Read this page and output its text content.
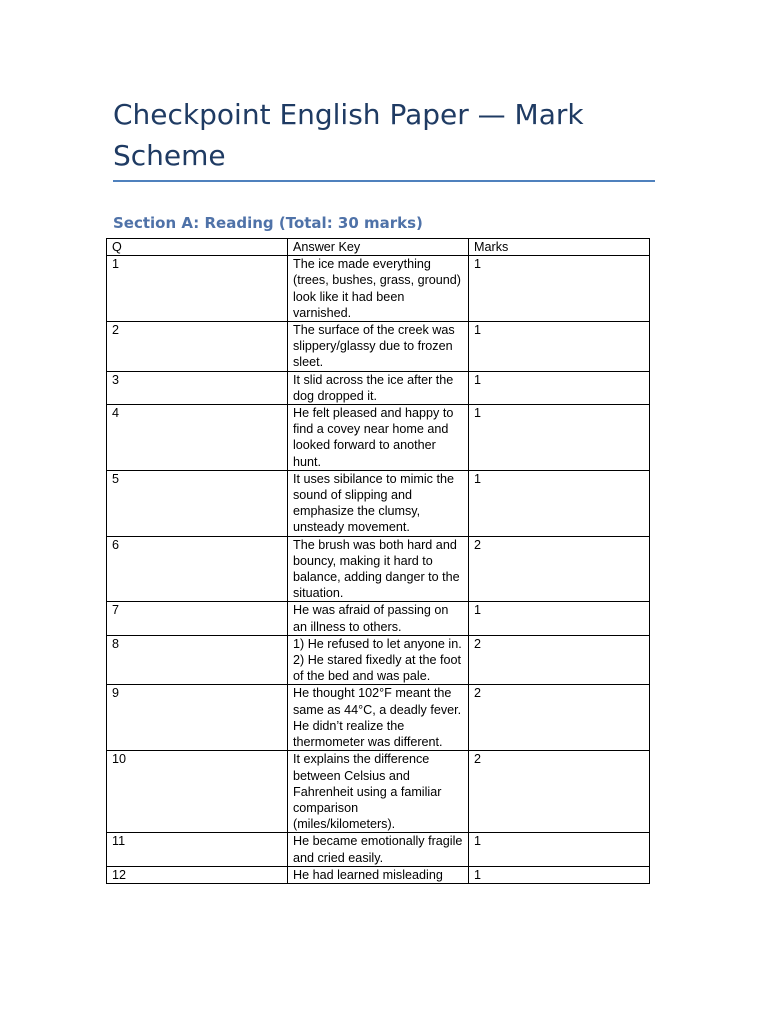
Checkpoint English Paper — Mark Scheme
Section A: Reading (Total: 30 marks)
Q	Answer Key	Marks
1	The ice made everything (trees, bushes, grass, ground) look like it had been varnished.	1
2	The surface of the creek was slippery/glassy due to frozen sleet.	1
3	It slid across the ice after the dog dropped it.	1
4	He felt pleased and happy to find a covey near home and looked forward to another hunt.	1
5	It uses sibilance to mimic the sound of slipping and emphasize the clumsy, unsteady movement.	1
6	The brush was both hard and bouncy, making it hard to balance, adding danger to the situation.	2
7	He was afraid of passing on an illness to others.	1
8	1) He refused to let anyone in. 2) He stared fixedly at the foot of the bed and was pale.	2
9	He thought 102°F meant the same as 44°C, a deadly fever. He didn’t realize the thermometer was different.	2
10	It explains the difference between Celsius and Fahrenheit using a familiar comparison (miles/kilometers).	2
11	He became emotionally fragile and cried easily.	1
12	He had learned misleading	1
